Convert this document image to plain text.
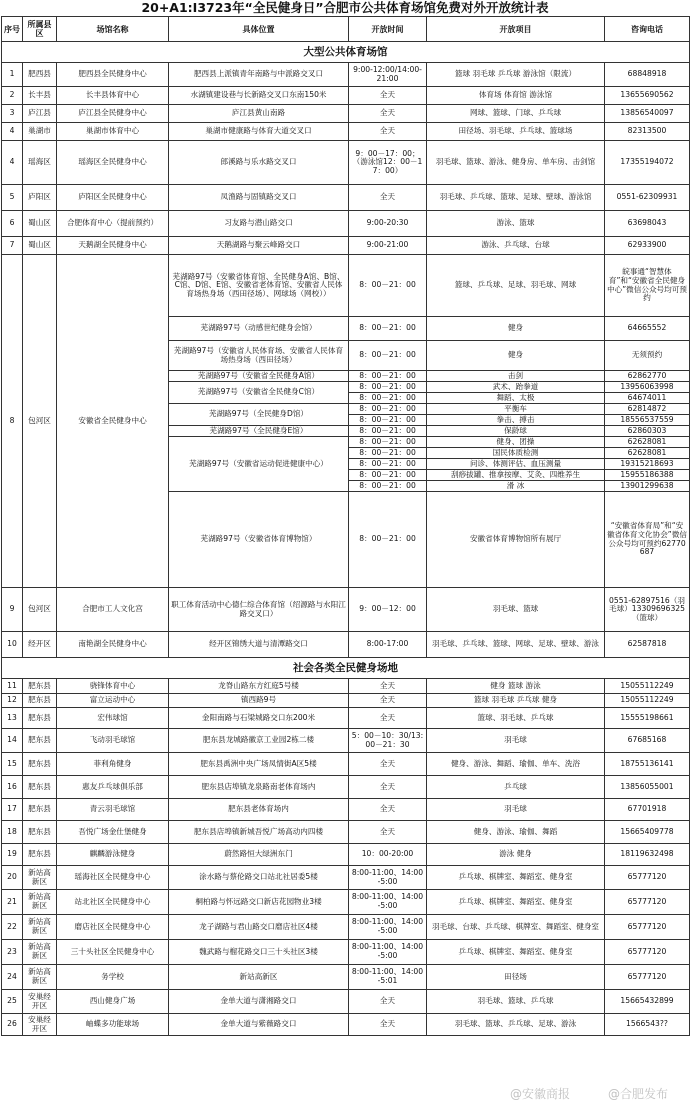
20+A1:I3723年“全民健身日”合肥市公共体育场馆免费对外开放统计表
序号	所属县区	场馆名称	具体位置	开放时间	开放项目	咨询电话
大型公共体育场馆						
1	肥西县	肥西县全民健身中心	肥西县上派镇青年南路与中派路交叉口	9:00-12:00/14:00-21:00	篮球 羽毛球 乒乓球 游泳馆（限流）	68848918
2	长丰县	长丰县体育中心	水湖镇建设巷与长新路交叉口东南150米	全天	体育场 体育馆 游泳馆	13655690562
3	庐江县	庐江县全民健身中心	庐江县黄山南路	全天	网球、篮球、门球、乒乓球	13856540097
4	巢湖市	巢湖市体育中心	巢湖市健康路与体育大道交叉口	全天	田径场、羽毛球、乒乓球、篮球场	82313500
4	瑶海区	瑶海区全民健身中心	郎溪路与乐水路交叉口	9：00－17：00；（游泳馆12：00－17：00）	羽毛球、篮球、游泳、健身房、单车房、击剑馆	17355194072
5	庐阳区	庐阳区全民健身中心	凤渔路与固镇路交叉口	全天	羽毛球、乒乓球、篮球、足球、壁球、游泳馆	0551-62309931
6	蜀山区	合肥体育中心（提前预约）	习友路与潜山路交口	9:00-20:30	游泳、篮球	63698043
7	蜀山区	天鹅湖全民健身中心	天鹅湖路与聚云峰路交口	9:00-21:00	游泳、乒乓球、台球	62933900
8	包河区	安徽省全民健身中心	芜湖路97号（安徽省体育馆、全民健身A馆、B馆、C馆、D馆、E馆、安徽省老体育馆、安徽省人民体育场热身场（西田径场）、网球场（网校））	8：00－21：00	篮球、乒乓球、足球、羽毛球、网球	皖事通“智慧体育”和“安徽省全民健身中心”微信公众号均可预约
			芜湖路97号（动感世纪健身会馆）	8：00－21：00	健身	64665552
			芜湖路97号（安徽省人民体育场、安徽省人民体育场热身场（西田径场）	8：00－21：00	健身	无须预约
			芜湖路97号（安徽省全民健身A馆）	8：00－21：00	击剑	62862770
			芜湖路97号（安徽省全民健身C馆）	8：00－21：00	武术、跆拳道	13956063998
				8：00－21：00	舞蹈、太极	64674011
			芜湖路97号（全民健身D馆）	8：00－21：00	平衡车	62814872
				8：00－21：00	拳击、搏击	18556537559
			芜湖路97号（全民健身E馆）	8：00－21：00	保龄球	62860303
			芜湖路97号（安徽省运动促进健康中心）	8：00－21：00	健身、团操	62628081
				8：00－21：00	国民体质检测	62628081
				8：00－21：00	问诊、体测评估、血压测量	19315218693
				8：00－21：00	刮痧拔罐、推拿按摩、艾灸、四维养生	15955186388
				8：00－21：00	滑 冰	13901299638
			芜湖路97号（安徽省体育博物馆）	8：00－21：00	安徽省体育博物馆所有展厅	“安徽省体育局”和“安徽省体育文化协会”微信公众号均可预约62770687
9	包河区	合肥市工人文化宫	职工体育活动中心德仁综合体育馆（绍源路与水阳江路交叉口）	9：00－12：00	羽毛球、篮球	0551-62897516（羽毛球）13309696325（篮球）
10	经开区	南艳湖全民健身中心	经开区锦绣大道与清潭路交口	8:00-17:00	羽毛球、乒乓球、篮球、网球、足球、壁球、游泳	62587818
社会各类全民健身场地						
11	肥东县	骁锋体育中心	龙脊山路东方红庭5号楼	全天	健身 篮球 游泳	15055112249
12	肥东县	富立运动中心	镇西路9号	全天	篮球 羽毛球 乒乓球 健身	15055112249
13	肥东县	宏伟球馆	金阳南路与石梁城路交口东200米	全天	篮球、羽毛球、乒乓球	15555198661
14	肥东县	飞动羽毛球馆	肥东县龙城路徽京工业园2栋二楼	5：00－10：30/13:00－21：30	羽毛球	67685168
15	肥东县	菲利角健身	肥东县禹洲中央广场凤情街A区5楼	全天	健身、游泳、舞蹈、瑜伽、单车、洗浴	18755136141
16	肥东县	惠友乒乓球俱乐部	肥东县店埠镇龙泉路南老体育场内	全天	乒乓球	13856055001
17	肥东县	青云羽毛球馆	肥东县老体育场内	全天	羽毛球	67701918
18	肥东县	吾悦广场金仕堡健身	肥东县店埠镇新城吾悦广场高动内四楼	全天	健身、游泳、瑜伽、舞蹈	15665409778
19	肥东县	麒麟游泳健身	蔚然路恒大绿洲东门	10：00-20:00	游泳 健身	18119632498
20	新站高新区	瑶海社区全民健身中心	涂水路与蔡伦路交口站北社居委5楼	8:00-11:00、14:00-5:00	乒乓球、棋牌室、舞蹈室、健身室	65777120
21	新站高新区	站北社区全民健身中心	桐柏路与怀远路交口新店花园物业3楼	8:00-11:00、14:00-5:00	乒乓球、棋牌室、舞蹈室、健身室	65777120
22	新站高新区	磨店社区全民健身中心	龙子湖路与君山路交口磨店社区4楼	8:00-11:00、14:00-5:00	羽毛球、台球、乒乓球、棋牌室、舞蹈室、健身室	65777120
23	新站高新区	三十头社区全民健身中心	魏武路与榴花路交口三十头社区3楼	8:00-11:00、14:00-5:00	乒乓球、棋牌室、舞蹈室、健身室	65777120
24	新站高新区	务学校	新站高新区	8:00-11:00、14:00-5:01	田径场	65777120
25	安巢经开区	西山健身广场	金单大道与潇湘路交口	全天	羽毛球、篮球、乒乓球	15665432899
26	安巢经开区	岫蝶多功能球场	金单大道与紫薇路交口	全天	羽毛球、篮球、乒乓球、足球、游泳	1566543??
@安徽商报	@合肥发布
